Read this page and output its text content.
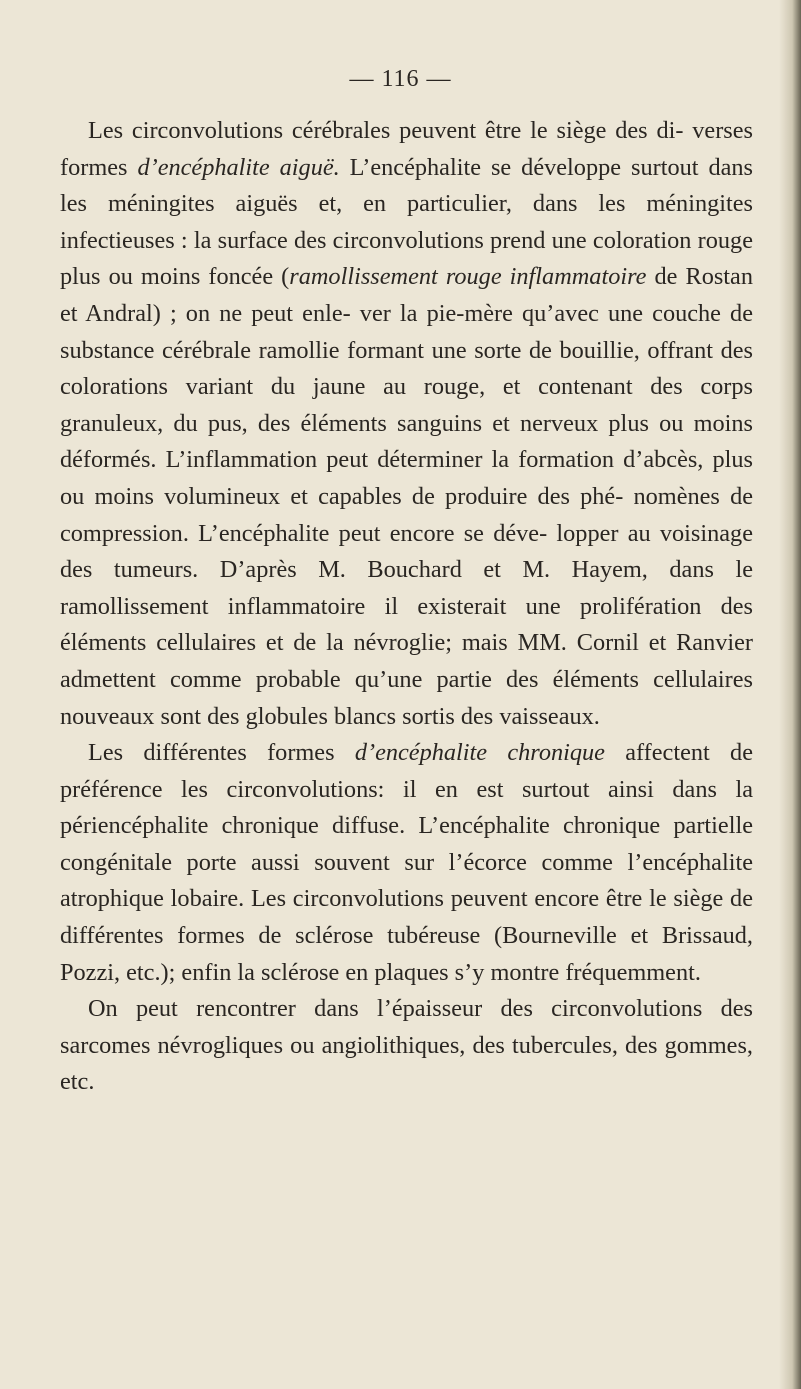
— 116 —

Les circonvolutions cérébrales peuvent être le siège des di- verses formes d’encéphalite aiguë. L’encéphalite se développe surtout dans les méningites aiguës et, en particulier, dans les méningites infectieuses : la surface des circonvolutions prend une coloration rouge plus ou moins foncée (ramollissement rouge inflammatoire de Rostan et Andral) ; on ne peut enle- ver la pie-mère qu’avec une couche de substance cérébrale ramollie formant une sorte de bouillie, offrant des colorations variant du jaune au rouge, et contenant des corps granuleux, du pus, des éléments sanguins et nerveux plus ou moins déformés. L’inflammation peut déterminer la formation d’abcès, plus ou moins volumineux et capables de produire des phé- nomènes de compression. L’encéphalite peut encore se déve- lopper au voisinage des tumeurs. D’après M. Bouchard et M. Hayem, dans le ramollissement inflammatoire il existerait une prolifération des éléments cellulaires et de la névroglie; mais MM. Cornil et Ranvier admettent comme probable qu’une partie des éléments cellulaires nouveaux sont des globules blancs sortis des vaisseaux.

Les différentes formes d’encéphalite chronique affectent de préférence les circonvolutions: il en est surtout ainsi dans la périencéphalite chronique diffuse. L’encéphalite chronique partielle congénitale porte aussi souvent sur l’écorce comme l’encéphalite atrophique lobaire. Les circonvolutions peuvent encore être le siège de différentes formes de sclérose tubéreuse (Bourneville et Brissaud, Pozzi, etc.); enfin la sclérose en plaques s’y montre fréquemment.

On peut rencontrer dans l’épaisseur des circonvolutions des sarcomes névrogliques ou angiolithiques, des tubercules, des gommes, etc.
